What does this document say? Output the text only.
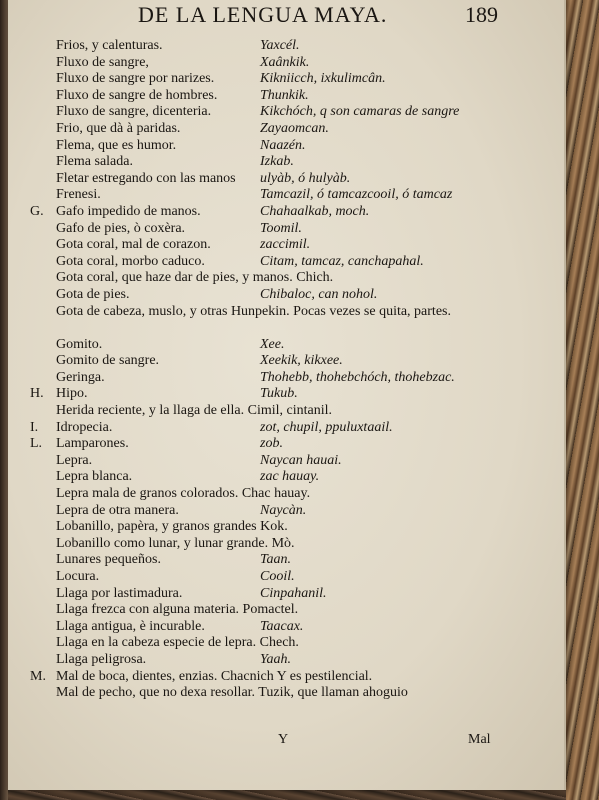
DE LA LENGUA MAYA.	189
Frios, y calenturas.	Yaxcél.
Fluxo de sangre,	Xaânkik.
Fluxo de sangre por narizes.	Kikniicch, ixkulimcân.
Fluxo de sangre de hombres.	Thunkik.
Fluxo de sangre, dicenteria.	Kikchóch, q son camaras de sangre
Frio, que dà à paridas.	Zayaomcan.
Flema, que es humor.	Naazén.
Flema salada.	Izkab.
Fletar estregando con las manos ulyàb, ó hulyàb.
Frenesi.	Tamcazil, ó tamcazcooil, ó tamcaz
G. Gafo impedido de manos.	Chahaalkab, moch.
Gafo de pies, ò coxèra.	Toomil.
Gota coral, mal de corazon.	zaccimil.
Gota coral, morbo caduco.	Citam, tamcaz, canchapahal.
Gota coral, que haze dar de pies, y manos. Chich.
Gota de pies.	Chibaloc, can nohol.
Gota de cabeza, muslo, y otras Hunpekin. Pocas vezes se quita, partes.
Gomito.	Xee.
Gomito de sangre.	Xeekik, kikxee.
Geringa.	Thohebb, thohebchóch, thohebzac.
H. Hipo.	Tukub.
Herida reciente, y la llaga de ella. Cimil, cintanil.
I. Idropecia.	zot, chupil, ppuluxtaail.
L. Lamparones.	zob.
Lepra.	Naycan hauai.
Lepra blanca.	zac hauay.
Lepra mala de granos colorados. Chac hauay.
Lepra de otra manera.	Naycàn.
Lobanillo, papèra, y granos grandes Kok.
Lobanillo como lunar, y lunar grande. Mò.
Lunares pequeños.	Taan.
Locura.	Cooil.
Llaga por lastimadura.	Cinpahanil.
Llaga frezca con alguna materia. Pomactel.
Llaga antigua, è incurable.	Taacax.
Llaga en la cabeza especie de lepra. Chech.
Llaga peligrosa.	Yaah.
M. Mal de boca, dientes, enzias. Chacnich Y es pestilencial.
Mal de pecho, que no dexa resollar. Tuzik, que llaman ahoguio
Y	Mal
